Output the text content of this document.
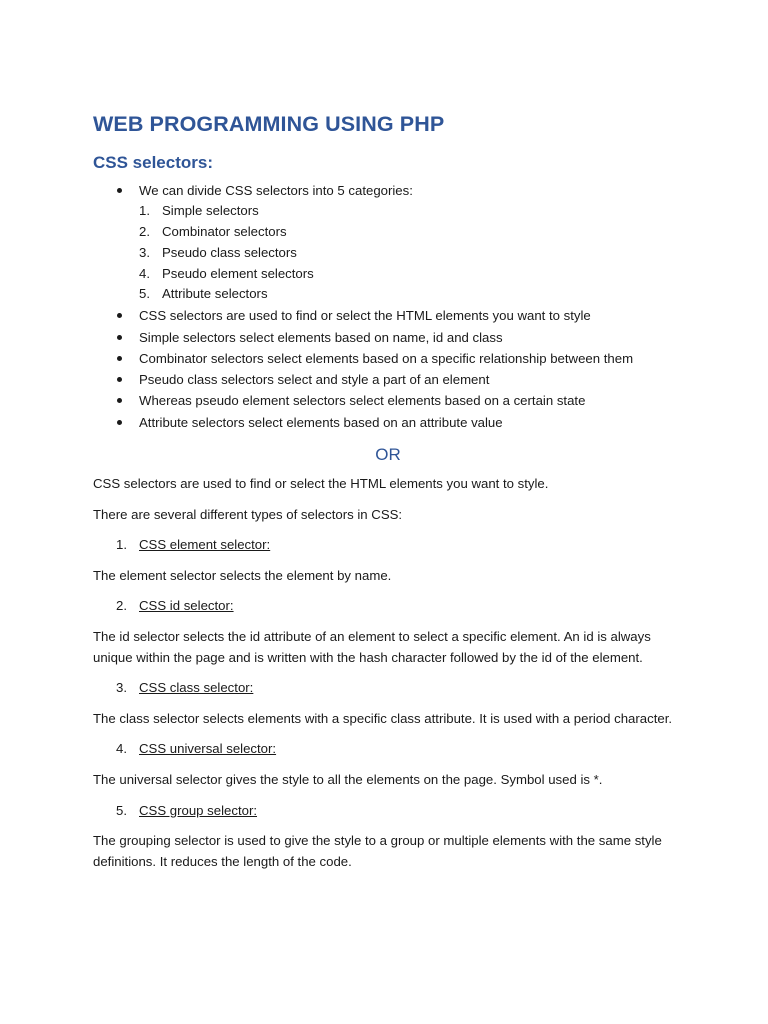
WEB PROGRAMMING USING PHP
CSS selectors:
We can divide CSS selectors into 5 categories:
1. Simple selectors
2. Combinator selectors
3. Pseudo class selectors
4. Pseudo element selectors
5. Attribute selectors
CSS selectors are used to find or select the HTML elements you want to style
Simple selectors select elements based on name, id and class
Combinator selectors select elements based on a specific relationship between them
Pseudo class selectors select and style a part of an element
Whereas pseudo element selectors select elements based on a certain state
Attribute selectors select elements based on an attribute value
OR

CSS selectors are used to find or select the HTML elements you want to style.

There are several different types of selectors in CSS:

1. CSS element selector:

The element selector selects the element by name.

2. CSS id selector:

The id selector selects the id attribute of an element to select a specific element. An id is always unique within the page and is written with the hash character followed by the id of the element.

3. CSS class selector:

The class selector selects elements with a specific class attribute. It is used with a period character.

4. CSS universal selector:

The universal selector gives the style to all the elements on the page. Symbol used is *.

5. CSS group selector:

The grouping selector is used to give the style to a group or multiple elements with the same style definitions. It reduces the length of the code.
